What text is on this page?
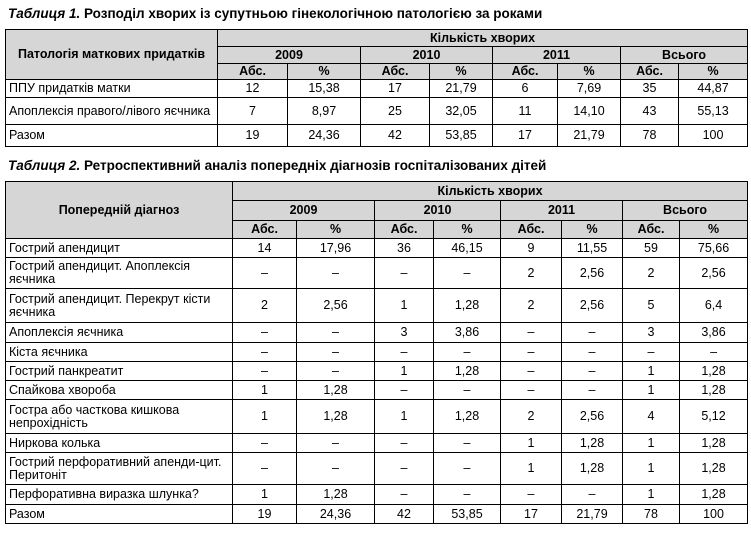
Таблиця 1. Розподіл хворих із супутньою гінекологічною патологією за роками
Патологія маткових придатків	Кількість хворих							
	2009		2010		2011		Всього	
	Абс.	%	Абс.	%	Абс.	%	Абс.	%
ППУ придатків матки	12	15,38	17	21,79	6	7,69	35	44,87
Апоплексія правого/лівого яєчника	7	8,97	25	32,05	11	14,10	43	55,13
Разом	19	24,36	42	53,85	17	21,79	78	100
Таблиця 2. Ретроспективний аналіз попередніх діагнозів госпіталізованих дітей
Попередній діагноз	Кількість хворих							
	2009		2010		2011		Всього	
	Абс.	%	Абс.	%	Абс.	%	Абс.	%
Гострий апендицит	14	17,96	36	46,15	9	11,55	59	75,66
Гострий апендицит. Апоплексія яєчника	–	–	–	–	2	2,56	2	2,56
Гострий апендицит. Перекрут кісти яєчника	2	2,56	1	1,28	2	2,56	5	6,4
Апоплексія яєчника	–	–	3	3,86	–	–	3	3,86
Кіста яєчника	–	–	–	–	–	–	–	–
Гострий панкреатит	–	–	1	1,28	–	–	1	1,28
Спайкова хвороба	1	1,28	–	–	–	–	1	1,28
Гостра або часткова кишкова непрохідність	1	1,28	1	1,28	2	2,56	4	5,12
Ниркова колька	–	–	–	–	1	1,28	1	1,28
Гострий перфоративний апенди-цит. Перитоніт	–	–	–	–	1	1,28	1	1,28
Перфоративна виразка шлунка?	1	1,28	–	–	–	–	1	1,28
Разом	19	24,36	42	53,85	17	21,79	78	100
